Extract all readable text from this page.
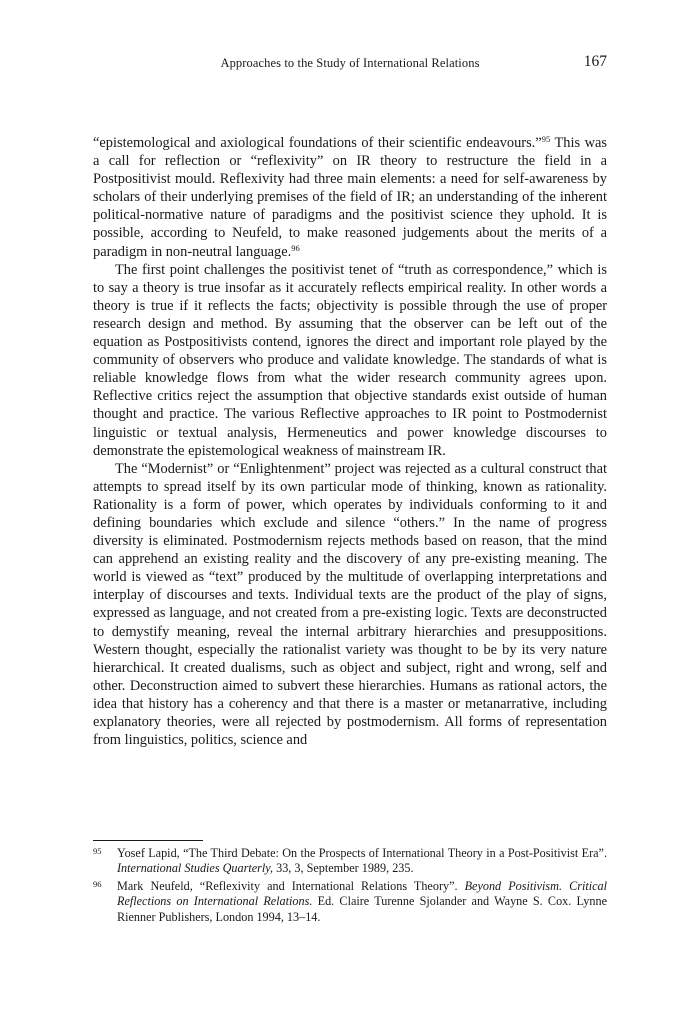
Approaches to the Study of International Relations	167

“epistemological and axiological foundations of their scientific endeavours.”$^{95}$ This was a call for reflection or “reflexivity” on IR theory to restructure the field in a Postpositivist mould. Reflexivity had three main elements: a need for self-awareness by scholars of their underlying premises of the field of IR; an understanding of the inherent political-normative nature of paradigms and the positivist science they uphold. It is possible, according to Neufeld, to make reasoned judgements about the merits of a paradigm in non-neutral language.$^{96}$

The first point challenges the positivist tenet of “truth as correspondence,” which is to say a theory is true insofar as it accurately reflects empirical reality. In other words a theory is true if it reflects the facts; objectivity is possible through the use of proper research design and method. By assuming that the observer can be left out of the equation as Postpositivists contend, ignores the direct and important role played by the community of observers who produce and validate knowledge. The standards of what is reliable knowledge flows from what the wider research community agrees upon. Reflective critics reject the assumption that objective standards exist outside of human thought and practice. The various Reflective approaches to IR point to Postmodernist linguistic or textual analysis, Hermeneutics and power knowledge discourses to demonstrate the epistemological weakness of mainstream IR.

The “Modernist” or “Enlightenment” project was rejected as a cultural construct that attempts to spread itself by its own particular mode of thinking, known as rationality. Rationality is a form of power, which operates by individuals conforming to it and defining boundaries which exclude and silence “others.” In the name of progress diversity is eliminated. Postmodernism rejects methods based on reason, that the mind can apprehend an existing reality and the discovery of any pre-existing meaning. The world is viewed as “text” produced by the multitude of overlapping interpretations and interplay of discourses and texts. Individual texts are the product of the play of signs, expressed as language, and not created from a pre-existing logic. Texts are deconstructed to demystify meaning, reveal the internal arbitrary hierarchies and presuppositions. Western thought, especially the rationalist variety was thought to be by its very nature hierarchical. It created dualisms, such as object and subject, right and wrong, self and other. Deconstruction aimed to subvert these hierarchies. Humans as rational actors, the idea that history has a coherency and that there is a master or metanarrative, including explanatory theories, were all rejected by postmodernism. All forms of representation from linguistics, politics, science and

95 Yosef Lapid, “The Third Debate: On the Prospects of International Theory in a Post-Positivist Era”. International Studies Quarterly, 33, 3, September 1989, 235.
96 Mark Neufeld, “Reflexivity and International Relations Theory”. Beyond Positivism. Critical Reflections on International Relations. Ed. Claire Turenne Sjolander and Wayne S. Cox. Lynne Rienner Publishers, London 1994, 13–14.
